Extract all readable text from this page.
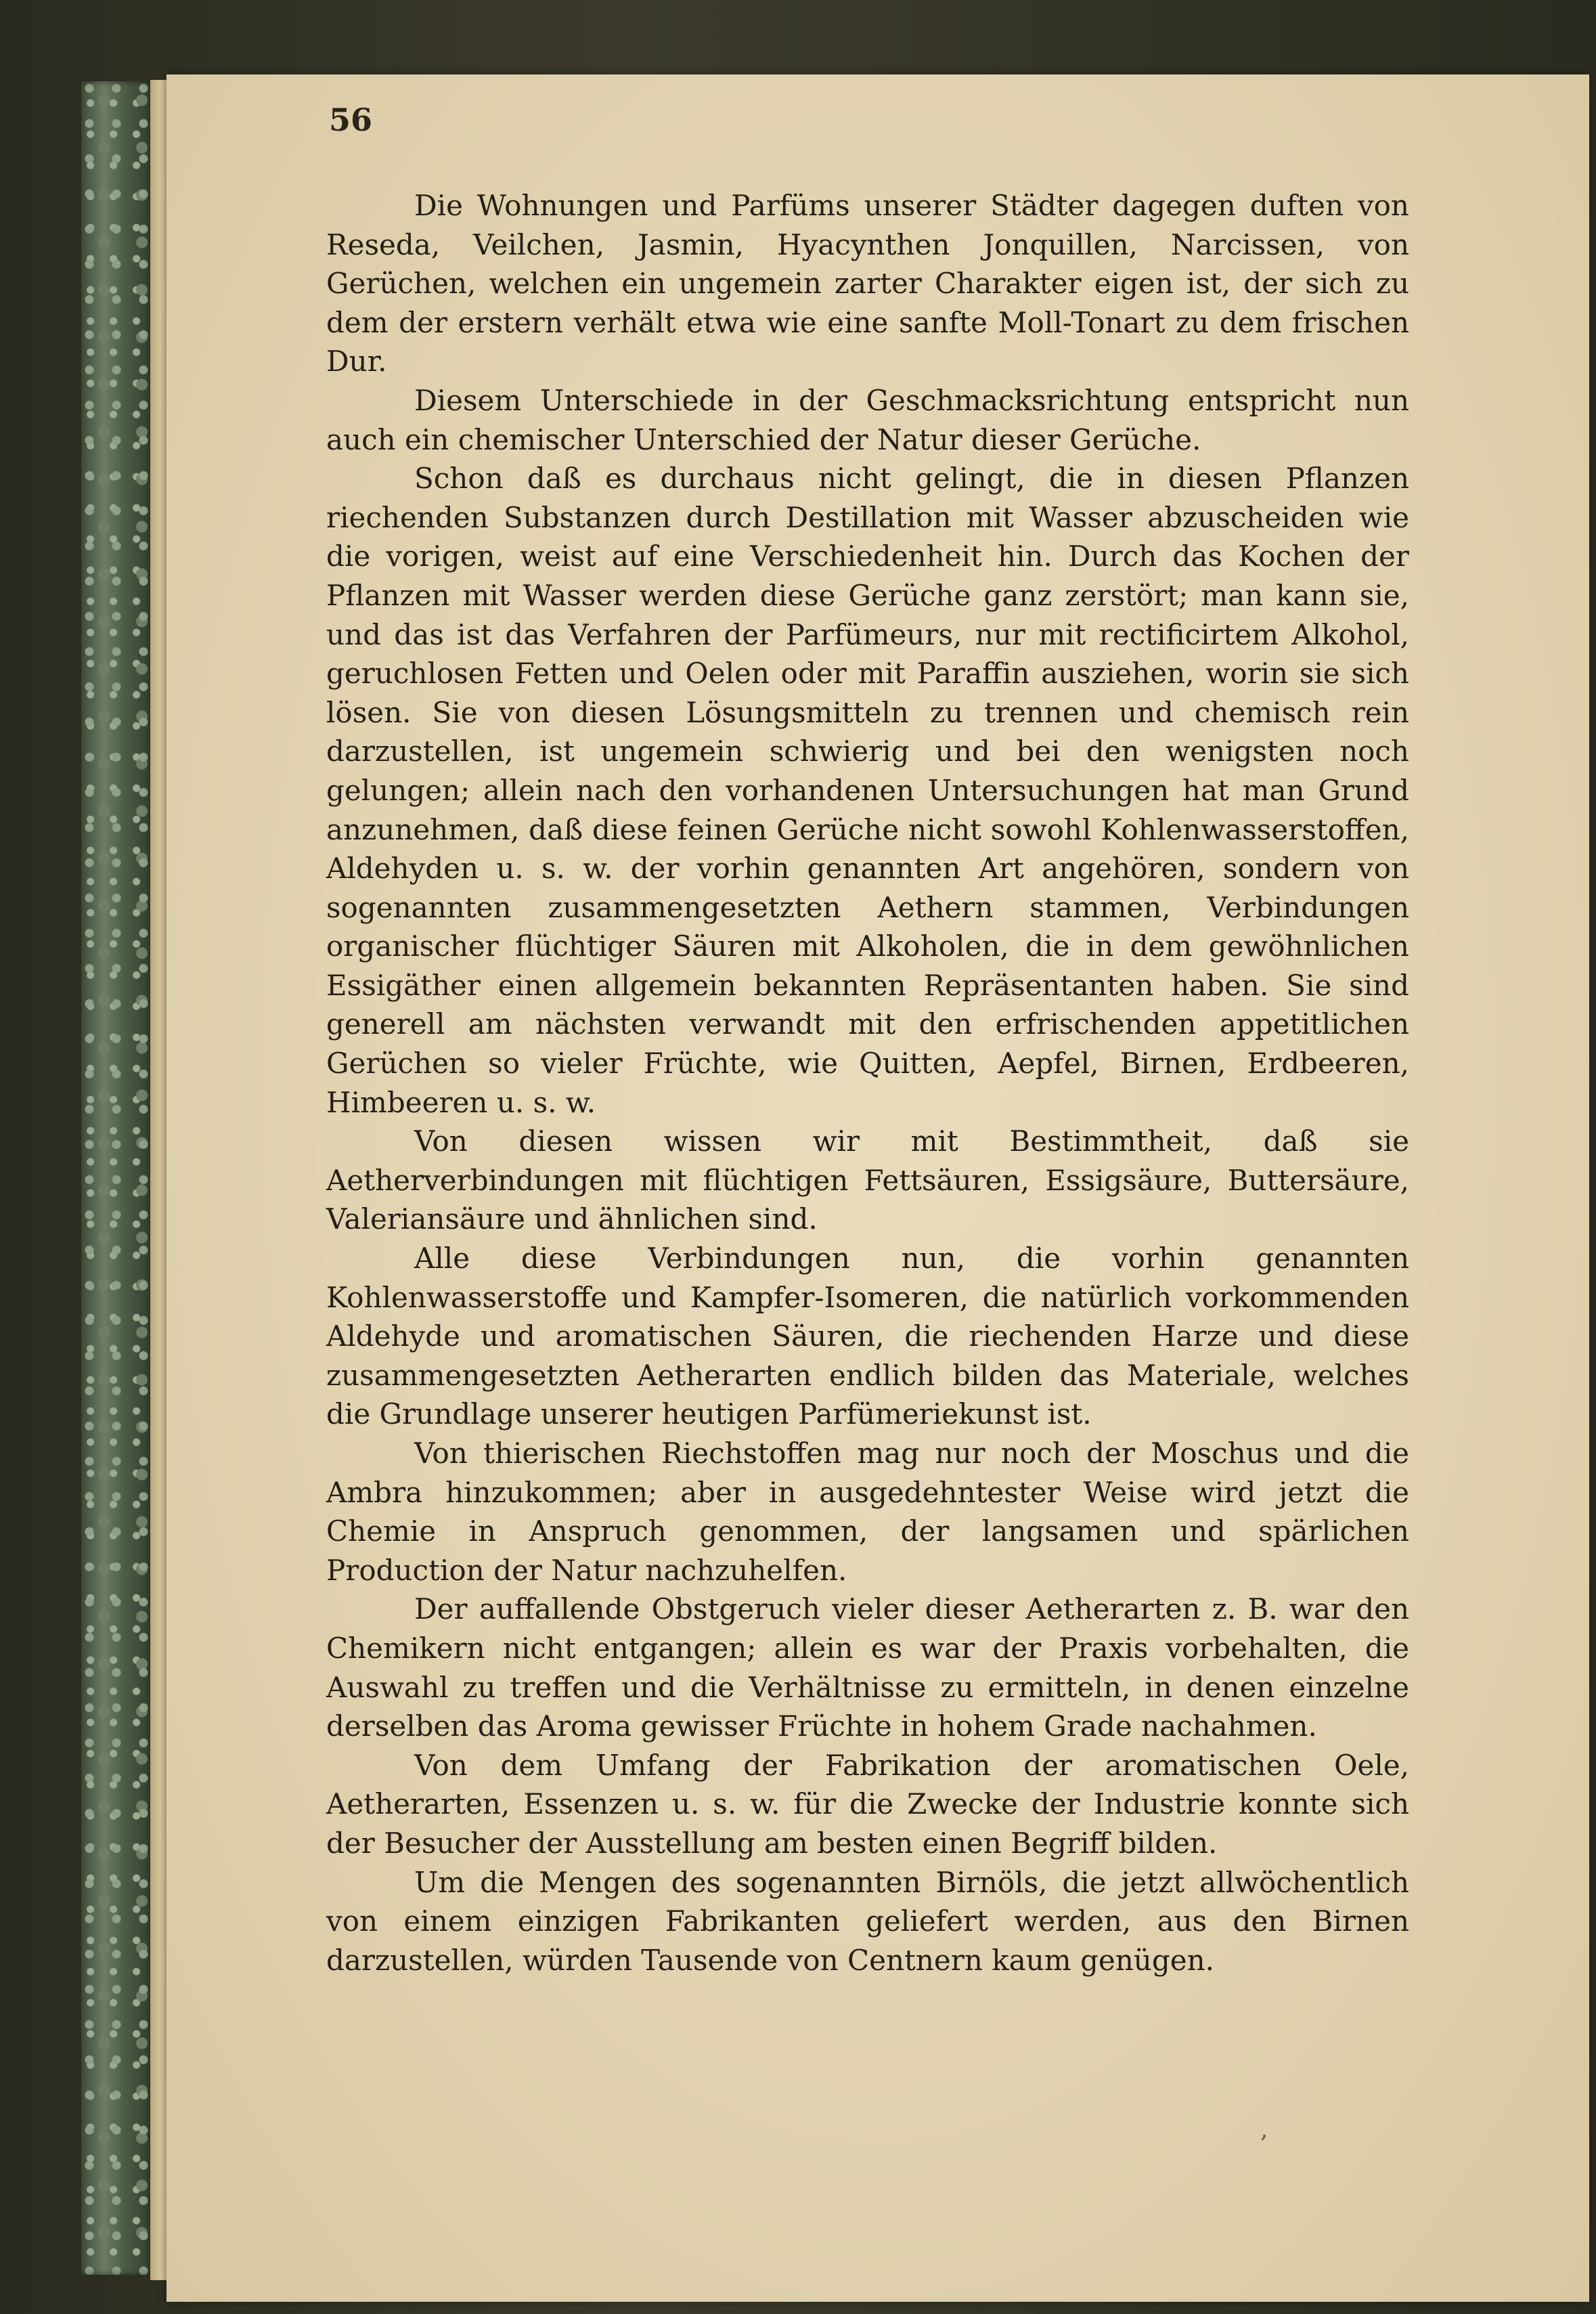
56

Die Wohnungen und Parfüms unserer Städter dagegen duften von Reseda, Veilchen, Jasmin, Hyacynthen Jonquillen, Narcissen, von Gerüchen, welchen ein ungemein zarter Charakter eigen ist, der sich zu dem der erstern verhält etwa wie eine sanfte Moll-Tonart zu dem frischen Dur.

Diesem Unterschiede in der Geschmacksrichtung entspricht nun auch ein chemischer Unterschied der Natur dieser Gerüche.

Schon daß es durchaus nicht gelingt, die in diesen Pflanzen riechenden Substanzen durch Destillation mit Wasser abzuscheiden wie die vorigen, weist auf eine Verschiedenheit hin. Durch das Kochen der Pflanzen mit Wasser werden diese Gerüche ganz zerstört; man kann sie, und das ist das Verfahren der Parfümeurs, nur mit rectificirtem Alkohol, geruchlosen Fetten und Oelen oder mit Paraffin ausziehen, worin sie sich lösen. Sie von diesen Lösungsmitteln zu trennen und chemisch rein darzustellen, ist ungemein schwierig und bei den wenigsten noch gelungen; allein nach den vorhandenen Untersuchungen hat man Grund anzunehmen, daß diese feinen Gerüche nicht sowohl Kohlenwasserstoffen, Aldehyden u. s. w. der vorhin genannten Art angehören, sondern von sogenannten zusammengesetzten Aethern stammen, Verbindungen organischer flüchtiger Säuren mit Alkoholen, die in dem gewöhnlichen Essigäther einen allgemein bekannten Repräsentanten haben. Sie sind generell am nächsten verwandt mit den erfrischenden appetitlichen Gerüchen so vieler Früchte, wie Quitten, Aepfel, Birnen, Erdbeeren, Himbeeren u. s. w.

Von diesen wissen wir mit Bestimmtheit, daß sie Aetherverbindungen mit flüchtigen Fettsäuren, Essigsäure, Buttersäure, Valeriansäure und ähnlichen sind.

Alle diese Verbindungen nun, die vorhin genannten Kohlenwasserstoffe und Kampfer-Isomeren, die natürlich vorkommenden Aldehyde und aromatischen Säuren, die riechenden Harze und diese zusammengesetzten Aetherarten endlich bilden das Materiale, welches die Grundlage unserer heutigen Parfümeriekunst ist.

Von thierischen Riechstoffen mag nur noch der Moschus und die Ambra hinzukommen; aber in ausgedehntester Weise wird jetzt die Chemie in Anspruch genommen, der langsamen und spärlichen Production der Natur nachzuhelfen.

Der auffallende Obstgeruch vieler dieser Aetherarten z. B. war den Chemikern nicht entgangen; allein es war der Praxis vorbehalten, die Auswahl zu treffen und die Verhältnisse zu ermitteln, in denen einzelne derselben das Aroma gewisser Früchte in hohem Grade nachahmen.

Von dem Umfang der Fabrikation der aromatischen Oele, Aetherarten, Essenzen u. s. w. für die Zwecke der Industrie konnte sich der Besucher der Ausstellung am besten einen Begriff bilden.

Um die Mengen des sogenannten Birnöls, die jetzt allwöchentlich von einem einzigen Fabrikanten geliefert werden, aus den Birnen darzustellen, würden Tausende von Centnern kaum genügen.

,
